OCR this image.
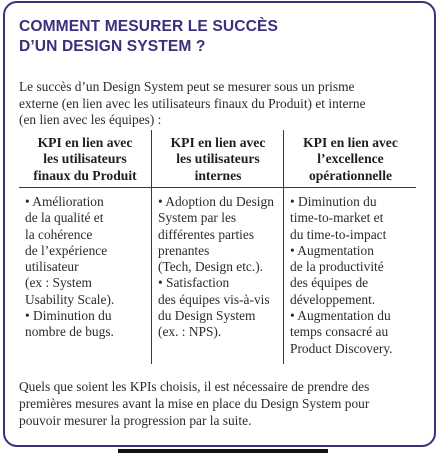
COMMENT MESURER LE SUCCÈS
D’UN DESIGN SYSTEM ?

Le succès d’un Design System peut se mesurer sous un prisme
externe (en lien avec les utilisateurs finaux du Produit) et interne
(en lien avec les équipes) :

KPI en lien avec
les utilisateurs
finaux du Produit
• Amélioration
de la qualité et
la cohérence
de l’expérience
utilisateur
(ex : System
Usability Scale).
• Diminution du
nombre de bugs.
KPI en lien avec
les utilisateurs
internes
• Adoption du Design
System par les
différentes parties
prenantes
(Tech, Design etc.).
• Satisfaction
des équipes vis-à-vis
du Design System
(ex. : NPS).
KPI en lien avec
l’excellence
opérationnelle
• Diminution du
time-to-market et
du time-to-impact
• Augmentation
de la productivité
des équipes de
développement.
• Augmentation du
temps consacré au
Product Discovery.

Quels que soient les KPIs choisis, il est nécessaire de prendre des
premières mesures avant la mise en place du Design System pour
pouvoir mesurer la progression par la suite.
